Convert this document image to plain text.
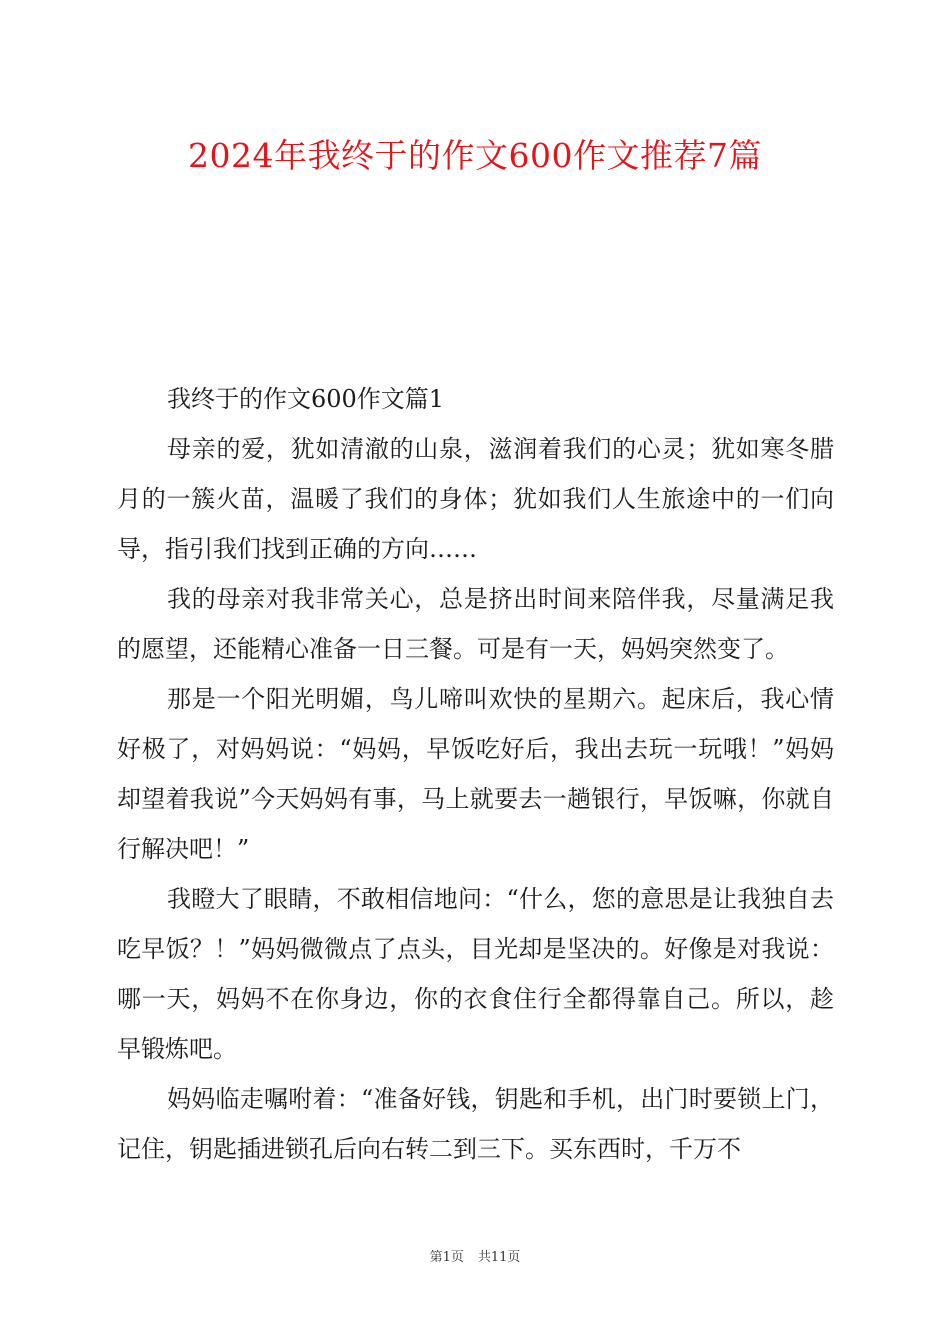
2024年我终于的作文600作文推荐7篇

我终于的作文600作文篇1

母亲的爱，犹如清澈的山泉，滋润着我们的心灵；犹如寒冬腊月的一簇火苗，温暖了我们的身体；犹如我们人生旅途中的一们向导，指引我们找到正确的方向……

我的母亲对我非常关心，总是挤出时间来陪伴我，尽量满足我的愿望，还能精心准备一日三餐。可是有一天，妈妈突然变了。

那是一个阳光明媚，鸟儿啼叫欢快的星期六。起床后，我心情好极了，对妈妈说：“妈妈，早饭吃好后，我出去玩一玩哦！”妈妈却望着我说”今天妈妈有事，马上就要去一趟银行，早饭嘛，你就自行解决吧！”

我瞪大了眼睛，不敢相信地问：“什么，您的意思是让我独自去吃早饭？！”妈妈微微点了点头，目光却是坚决的。好像是对我说：哪一天，妈妈不在你身边，你的衣食住行全都得靠自己。所以，趁早锻炼吧。

妈妈临走嘱咐着：“准备好钱，钥匙和手机，出门时要锁上门，记住，钥匙插进锁孔后向右转二到三下。买东西时，千万不

第1页 共11页
